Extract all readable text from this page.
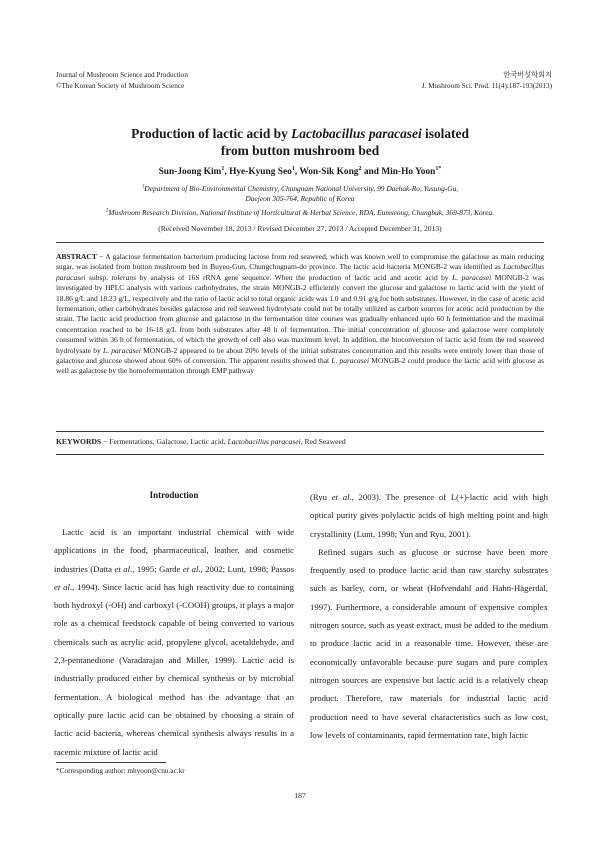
Journal of Mushroom Science and Production
©The Korean Society of Mushroom Science
한국버섯학회지
J. Mushroom Sci. Prod. 11(4):187-193(2013)
Production of lactic acid by Lactobacillus paracasei isolated
from button mushroom bed
Sun-Joong Kim$^1$, Hye-Kyung Seo$^1$, Won-Sik Kong$^2$ and Min-Ho Yoon$^{1*}$
$^1$Department of Bio-Environmental Chemistry, Chungnam National University, 99 Daehak-Ro, Yusung-Gu,
Daejeon 305-764, Republic of Korea
$^2$Mushroom Research Division, National Institute of Horticultural & Herbal Science, RDA, Eumseong, Chungbuk, 369-873, Korea.
(Received November 18, 2013 / Revised December 27, 2013 / Accepted December 31, 2013)
ABSTRACT − A galactose fermentation bacterium producing lactose from red seaweed, which was known well to compromise the galactose as main reducing sugar, was isolated from button mushroom bed in Buyeo-Gun, Chungchugnam-do province. The lactic acid bacteria MONGB-2 was identified as Lactobacillus paracasei subsp. tolerans by analysis of 16S rRNA gene sequence. When the production of lactic acid and acetic acid by L. paracasei MONGB-2 was investigated by HPLC analysis with various carbohydrates, the strain MONGB-2 efficiently convert the glucose and galactose to lactic acid with the yield of 18.86 g/L and 18.23 g/L, respectively and the ratio of lactic acid to total organic acids was 1.0 and 0.91 g/g for both substrates. However, in the case of acetic acid fermentation, other carbohydrates besides galactose and red seaweed hydrolysate could not be totally utilized as carbon sources for acetic acid production by the strain. The lactic acid production from glucose and galactose in the fermentation time courses was gradually enhanced upto 60 h fermentation and the maximal concentration reached to be 16-18 g/L from both substrates after 48 h of fermentation. The initial concentration of glucose and galactose were completely consumed within 36 h of fermentation, of which the growth of cell also was maximum level. In addition, the bioconversion of lactic acid from the red seaweed hydrolysate by L. paracasei MONGB-2 appeared to be about 20% levels of the initial substrates concentration and this results were entirely lower than those of galactose and glucose showed about 60% of conversion. The apparent results showed that L. paracasei MONGB-2 could produce the lactic acid with glucose as well as galactose by the homofermentation through EMP pathway
KEYWORDS − Fermentations, Galactose, Lactic acid, Lactobacillus paracasei, Red Seaweed

Introduction

Lactic acid is an important industrial chemical with wide applications in the food, pharmaceutical, leather, and cosmetic industries (Datta et al., 1995; Garde et al., 2002; Lunt, 1998; Passos et al., 1994). Since lactic acid has high reactivity due to containing both hydroxyl (-OH) and carboxyl (-COOH) groups, it plays a major role as a chemical feedstock capable of being converted to various chemicals such as acrylic acid, propylene glycol, acetaldehyde, and 2,3-pentanedione (Varadarajan and Miller, 1999). Lactic acid is industrially produced either by chemical synthesis or by microbial fermentation. A biological method has the advantage that an optically pure lactic acid can be obtained by choosing a strain of lactic acid bacteria, whereas chemical synthesis always results in a racemic mixture of lactic acid

(Ryu et al., 2003). The presence of L(+)-lactic acid with high optical purity gives polylactic acids of high melting point and high crystallinity (Lunt, 1998; Yun and Ryu, 2001).

Refined sugars such as glucose or sucrose have been more frequently used to produce lactic acid than raw starchy substrates such as barley, corn, or wheat (Hofvendahl and Hahn-Hägerdal, 1997). Furthermore, a considerable amount of expensive complex nitrogen source, such as yeast extract, must be added to the medium to produce lactic acid in a reasonable time. However, these are economically unfavorable because pure sugars and pure complex nitrogen sources are expensive but lactic acid is a relatively cheap product. Therefore, raw materials for industrial lactic acid production need to have several characteristics such as low cost, low levels of contaminants, rapid fermentation rate, high lactic

*Corresponding author: mhyoon@cnu.ac.kr
187
